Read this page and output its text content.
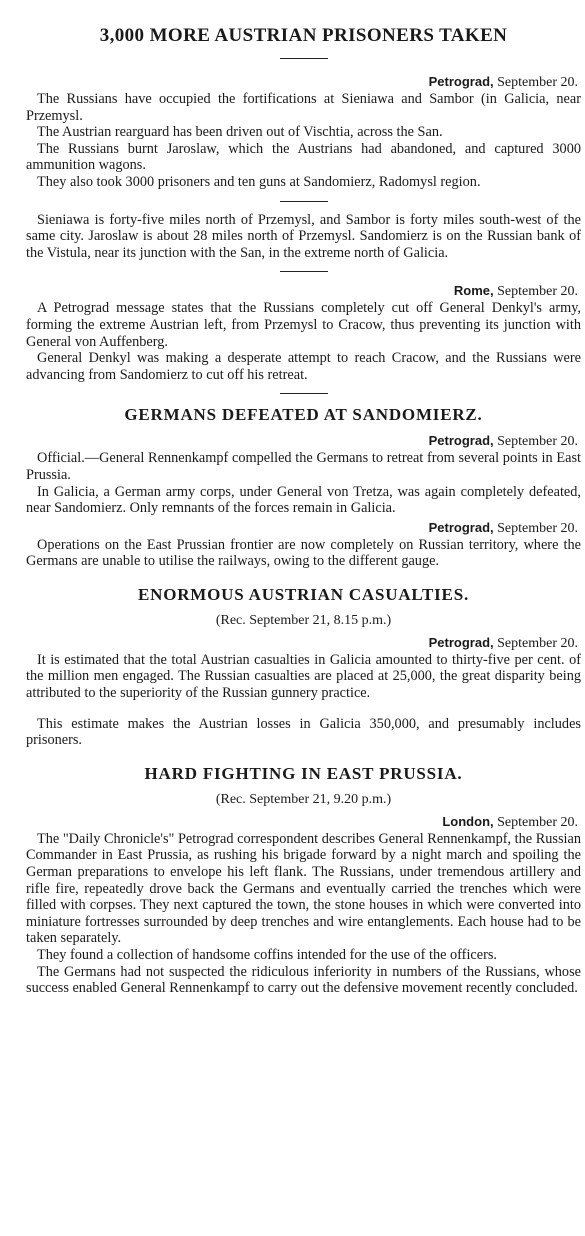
3,000 MORE AUSTRIAN PRISONERS TAKEN
Petrograd, September 20.

The Russians have occupied the fortifications at Sieniawa and Sambor (in Galicia, near Przemysl.

The Austrian rearguard has been driven out of Vischtia, across the San.

The Russians burnt Jaroslaw, which the Austrians had abandoned, and captured 3000 ammunition wagons.

They also took 3000 prisoners and ten guns at Sandomierz, Radomysl region.

Sieniawa is forty-five miles north of Przemysl, and Sambor is forty miles south-west of the same city. Jaroslaw is about 28 miles north of Przemysl. Sandomierz is on the Russian bank of the Vistula, near its junction with the San, in the extreme north of Galicia.

Rome, September 20.

A Petrograd message states that the Russians completely cut off General Denkyl's army, forming the extreme Austrian left, from Przemysl to Cracow, thus preventing its junction with General von Auffenberg.

General Denkyl was making a desperate attempt to reach Cracow, and the Russians were advancing from Sandomierz to cut off his retreat.

GERMANS DEFEATED AT SANDOMIERZ.
Petrograd, September 20.

Official.—General Rennenkampf compelled the Germans to retreat from several points in East Prussia.

In Galicia, a German army corps, under General von Tretza, was again completely defeated, near Sandomierz. Only remnants of the forces remain in Galicia.

Petrograd, September 20.

Operations on the East Prussian frontier are now completely on Russian territory, where the Germans are unable to utilise the railways, owing to the different gauge.

ENORMOUS AUSTRIAN CASUALTIES.
(Rec. September 21, 8.15 p.m.)
Petrograd, September 20.

It is estimated that the total Austrian casualties in Galicia amounted to thirty-five per cent. of the million men engaged. The Russian casualties are placed at 25,000, the great disparity being attributed to the superiority of the Russian gunnery practice.

This estimate makes the Austrian losses in Galicia 350,000, and presumably includes prisoners.

HARD FIGHTING IN EAST PRUSSIA.
(Rec. September 21, 9.20 p.m.)
London, September 20.

The "Daily Chronicle's" Petrograd correspondent describes General Rennenkampf, the Russian Commander in East Prussia, as rushing his brigade forward by a night march and spoiling the German preparations to envelope his left flank. The Russians, under tremendous artillery and rifle fire, repeatedly drove back the Germans and eventually carried the trenches which were filled with corpses. They next captured the town, the stone houses in which were converted into miniature fortresses surrounded by deep trenches and wire entanglements. Each house had to be taken separately.

They found a collection of handsome coffins intended for the use of the officers.

The Germans had not suspected the ridiculous inferiority in numbers of the Russians, whose success enabled General Rennenkampf to carry out the defensive movement recently concluded.
